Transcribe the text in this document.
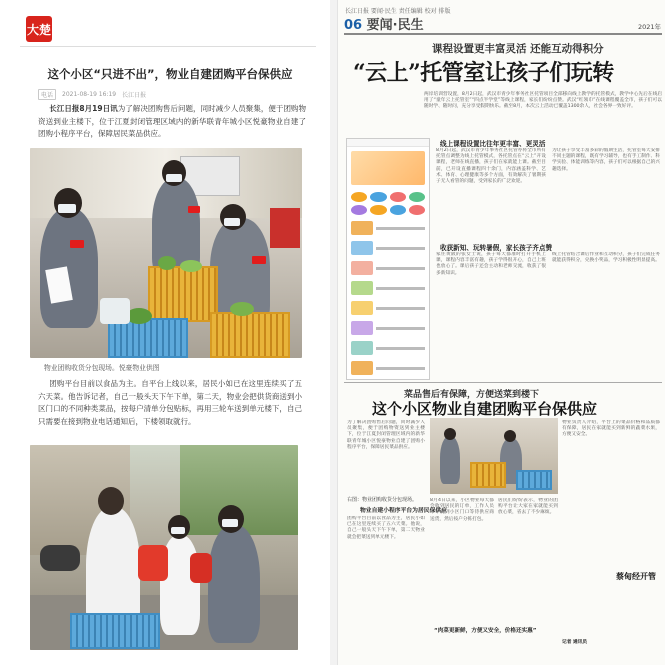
大楚
这个小区“只进不出”，物业自建团购平台保供应
电话	2021-08-19 16:19 长江日报
长江日报8月19日讯为了解决团购售后问题，同时减少人员聚集，便于团购物资送到业主楼下，位于江夏封闭管理区域内的新华联青年城小区悦豪物业自建了团购小程序平台，保障居民菜品供应。
物业团购收货分包现场。悦豪物业供图
团购平台目前以食品为主。自平台上线以来，居民小如已在这里连续买了五六天菜。他告诉记者，自己一般头天下午下单，第二天，物业会把供货商送到小区门口的不同种类菜品，按每户清单分包贴标，再用三轮车送到单元楼下，自己只需要在接到物业电话通知后，下楼领取就行。
长江日报 要闻·民生 责任编辑 校对 排版
06 要闻·民生	2021年
课程设置更丰富灵活 还能互动得积分
“云上”托管室让孩子们玩转
两岸培训营设置，8月2日起，武汉市青少年事务社区托管项目全部移向线上教学的托管模式，教学中心先后在线启用了“童年云上托管室”“四点半学堂”等线上课程，家长们纷纷点赞。武汉“红领巾”在线课程覆盖全市，孩子们可以随时学、随时问，充分享受假期快乐。截至8月，本次云上活动已覆盖1300余人，社会各界一致好评。
线上课程设置比往年更丰富、更灵活
8月2日起，武汉市青少年事务社区托管办将全市所有托管点调整为线上托管模式，各托管点在“云上”开设课程，老师在线直播，孩子们在家就能上课。截至目前，已开设直播课程四十余门，内容涵盖科学、艺术、体育、心理健康等多个方面，有效解决了暑期孩子无人看管的问题，受到家长的广泛欢迎。
为让孩子享受丰富多彩的假期生活，托管室每天安排不同主题的课程，既有学习辅导，也有手工制作、科学实验、体能训练等内容，孩子们可以根据自己的兴趣选择。
收获新知、玩转暑假，家长孩子齐点赞
家住黄陂的张女士说，孩子每天都准时打开手机上课，课程内容丰富有趣，孩子学得很开心，自己上班也放心了。课后孩子还会主动和老师交流，收获了很多新知识。
线上托管结合课后作业和互动积分，孩子们完成任务就能获得积分，兑换小奖品，学习积极性明显提高。
菜品售后有保障，方便送菜到楼下
这个小区物业自建团购平台保供应
为了解决团购售后问题，同时减少人员聚集，便于团购物资送到业主楼下，位于江夏封闭管理区域内的新华联青年城小区悦豪物业自建了团购小程序平台，保障居民菜品供应。
物业负责人介绍，平台上的菜品价格和品质都有保障，居民在家就能买到新鲜的蔬菜水果，方便又安全。
右图：物业团购收货分包现场。
物业自建小程序平台为居民保供应
团购平台目前以食品为主，居民小如已在这里连续买了五六天菜。他说，自己一般头天下午下单，第二天物业就会把菜送到单元楼下。
8月4日以来，小区物业每天都会收到居民的订单，工作人员早早就到小区门口等待供应商送货，然后按户分拣打包。
“肉菜更新鲜，方便又安全，价格还实惠”
居民们纷纷表示，物业的团购平台让大家在家就能买到放心菜，省去了不少麻烦。
记者 通讯员
蔡甸经开管
